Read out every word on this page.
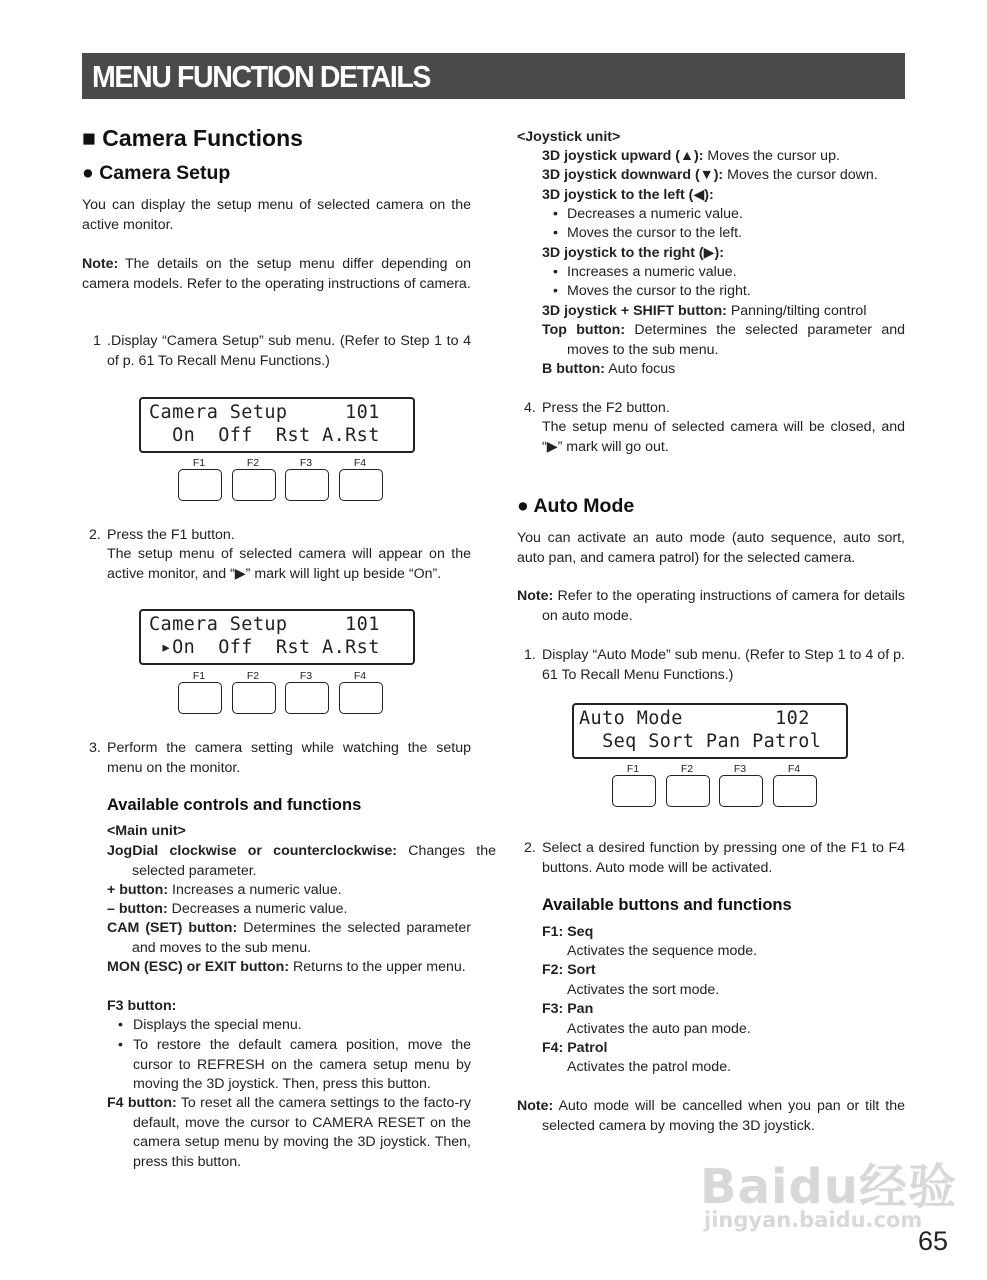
MENU FUNCTION DETAILS
■ Camera Functions
● Camera Setup
You can display the setup menu of selected camera on the active monitor.
Note: The details on the setup menu differ depending on camera models. Refer to the operating instructions of camera.
1 .Display “Camera Setup” sub menu. (Refer to Step 1 to 4 of p. 61 To Recall Menu Functions.)
Camera Setup     101
On  Off  Rst A.Rst
F1	F2	F3	F4
2. Press the F1 button.
The setup menu of selected camera will appear on the active monitor, and “▶” mark will light up beside “On”.
Camera Setup     101
▸On  Off  Rst A.Rst
F1	F2	F3	F4
3. Perform the camera setting while watching the setup menu on the monitor.
Available controls and functions
<Main unit>
JogDial clockwise or counterclockwise: Changes the selected parameter.
+ button: Increases a numeric value.
– button: Decreases a numeric value.
CAM (SET) button: Determines the selected parameter and moves to the sub menu.
MON (ESC) or EXIT button: Returns to the upper menu.
F3 button:
• Displays the special menu.
• To restore the default camera position, move the cursor to REFRESH on the camera setup menu by moving the 3D joystick. Then, press this button.
F4 button: To reset all the camera settings to the facto-ry default, move the cursor to CAMERA RESET on the camera setup menu by moving the 3D joystick. Then, press this button.
<Joystick unit>
3D joystick upward (▲): Moves the cursor up.
3D joystick downward (▼): Moves the cursor down.
3D joystick to the left (◀):
• Decreases a numeric value.
• Moves the cursor to the left.
3D joystick to the right (▶):
• Increases a numeric value.
• Moves the cursor to the right.
3D joystick + SHIFT button: Panning/tilting control
Top button: Determines the selected parameter and moves to the sub menu.
B button: Auto focus
4. Press the F2 button.
The setup menu of selected camera will be closed, and “▶” mark will go out.
● Auto Mode
You can activate an auto mode (auto sequence, auto sort, auto pan, and camera patrol) for the selected camera.
Note: Refer to the operating instructions of camera for details on auto mode.
1. Display “Auto Mode” sub menu. (Refer to Step 1 to 4 of p. 61 To Recall Menu Functions.)
Auto Mode        102
Seq Sort Pan Patrol
F1	F2	F3	F4
2. Select a desired function by pressing one of the F1 to F4 buttons. Auto mode will be activated.
Available buttons and functions
F1: Seq
Activates the sequence mode.
F2: Sort
Activates the sort mode.
F3: Pan
Activates the auto pan mode.
F4: Patrol
Activates the patrol mode.
Note: Auto mode will be cancelled when you pan or tilt the selected camera by moving the 3D joystick.
Baidu经验
jingyan.baidu.com
65
